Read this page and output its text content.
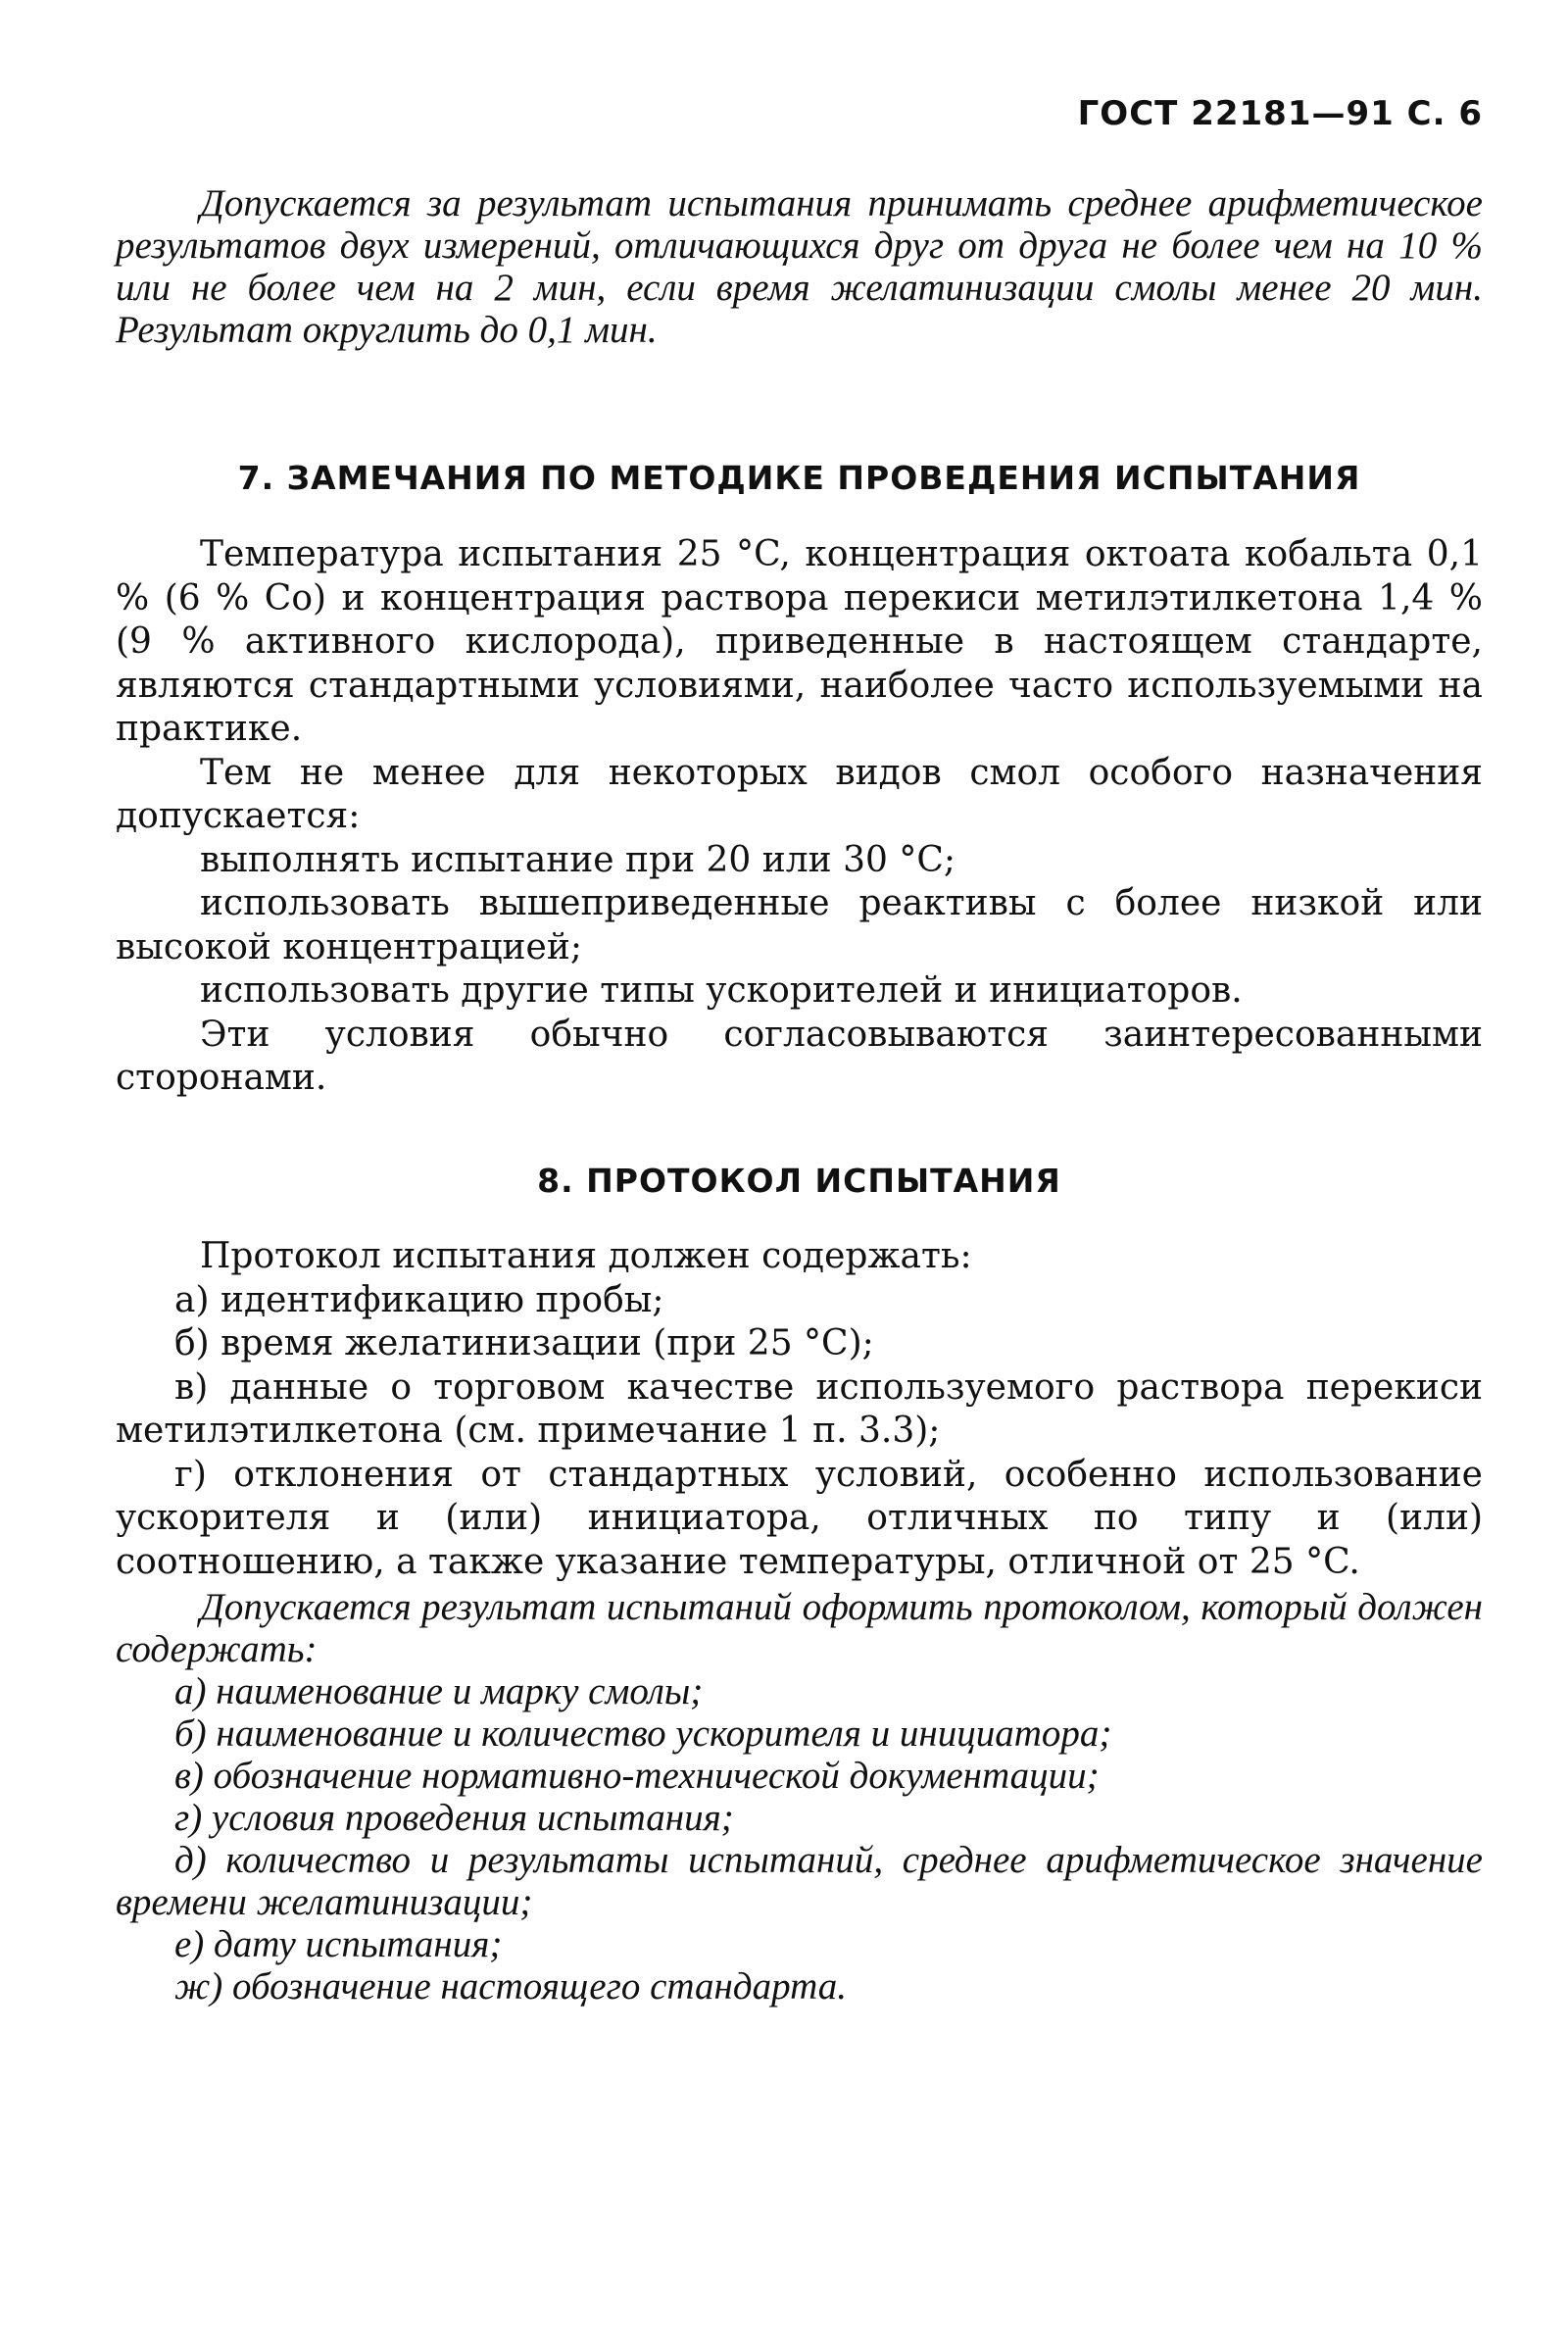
ГОСТ 22181—91 С. 6

Допускается за результат испытания принимать среднее арифметическое результатов двух измерений, отличающихся друг от друга не более чем на 10 % или не более чем на 2 мин, если время желатинизации смолы менее 20 мин. Результат округлить до 0,1 мин.

7. ЗАМЕЧАНИЯ ПО МЕТОДИКЕ ПРОВЕДЕНИЯ ИСПЫТАНИЯ

Температура испытания 25 °C, концентрация октоата кобальта 0,1 % (6 % Co) и концентрация раствора перекиси метилэтилкетона 1,4 % (9 % активного кислорода), приведенные в настоящем стандарте, являются стандартными условиями, наиболее часто используемыми на практике.

Тем не менее для некоторых видов смол особого назначения допускается:

выполнять испытание при 20 или 30 °C;

использовать вышеприведенные реактивы с более низкой или высокой концентрацией;

использовать другие типы ускорителей и инициаторов.

Эти условия обычно согласовываются заинтересованными сторонами.

8. ПРОТОКОЛ ИСПЫТАНИЯ

Протокол испытания должен содержать:

а) идентификацию пробы;

б) время желатинизации (при 25 °C);

в) данные о торговом качестве используемого раствора перекиси метилэтилкетона (см. примечание 1 п. 3.3);

г) отклонения от стандартных условий, особенно использование ускорителя и (или) инициатора, отличных по типу и (или) соотношению, а также указание температуры, отличной от 25 °C.

Допускается результат испытаний оформить протоколом, который должен содержать:

а) наименование и марку смолы;

б) наименование и количество ускорителя и инициатора;

в) обозначение нормативно-технической документации;

г) условия проведения испытания;

д) количество и результаты испытаний, среднее арифметическое значение времени желатинизации;

е) дату испытания;

ж) обозначение настоящего стандарта.
